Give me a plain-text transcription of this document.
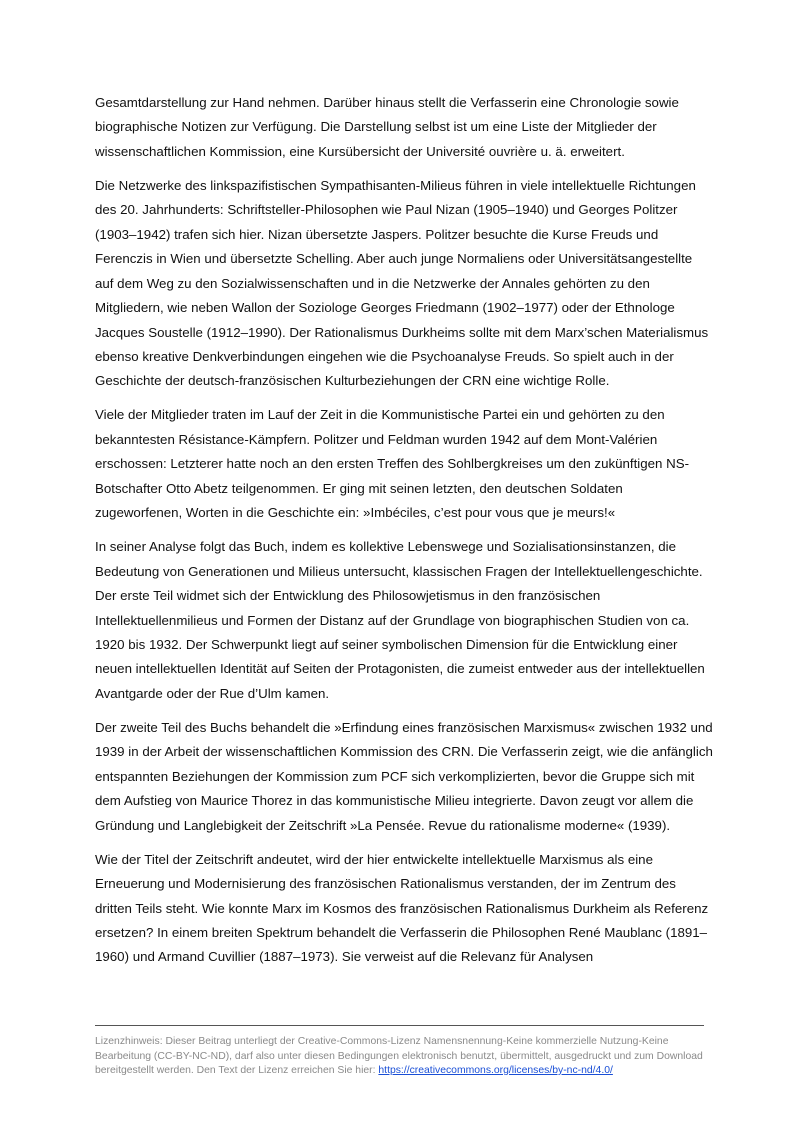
Gesamtdarstellung zur Hand nehmen. Darüber hinaus stellt die Verfasserin eine Chronologie sowie biographische Notizen zur Verfügung. Die Darstellung selbst ist um eine Liste der Mitglieder der wissenschaftlichen Kommission, eine Kursübersicht der Université ouvrière u. ä. erweitert.

Die Netzwerke des linkspazifistischen Sympathisanten-Milieus führen in viele intellektuelle Richtungen des 20. Jahrhunderts: Schriftsteller-Philosophen wie Paul Nizan (1905–1940) und Georges Politzer (1903–1942) trafen sich hier. Nizan übersetzte Jaspers. Politzer besuchte die Kurse Freuds und Ferenczis in Wien und übersetzte Schelling. Aber auch junge Normaliens oder Universitätsangestellte auf dem Weg zu den Sozialwissenschaften und in die Netzwerke der Annales gehörten zu den Mitgliedern, wie neben Wallon der Soziologe Georges Friedmann (1902–1977) oder der Ethnologe Jacques Soustelle (1912–1990). Der Rationalismus Durkheims sollte mit dem Marx’schen Materialismus ebenso kreative Denkverbindungen eingehen wie die Psychoanalyse Freuds. So spielt auch in der Geschichte der deutsch-französischen Kulturbeziehungen der CRN eine wichtige Rolle.

Viele der Mitglieder traten im Lauf der Zeit in die Kommunistische Partei ein und gehörten zu den bekanntesten Résistance-Kämpfern. Politzer und Feldman wurden 1942 auf dem Mont-Valérien erschossen: Letzterer hatte noch an den ersten Treffen des Sohlbergkreises um den zukünftigen NS-Botschafter Otto Abetz teilgenommen. Er ging mit seinen letzten, den deutschen Soldaten zugeworfenen, Worten in die Geschichte ein: »Imbéciles, c’est pour vous que je meurs!«

In seiner Analyse folgt das Buch, indem es kollektive Lebenswege und Sozialisationsinstanzen, die Bedeutung von Generationen und Milieus untersucht, klassischen Fragen der Intellektuellengeschichte. Der erste Teil widmet sich der Entwicklung des Philosowjetismus in den französischen Intellektuellenmilieus und Formen der Distanz auf der Grundlage von biographischen Studien von ca. 1920 bis 1932. Der Schwerpunkt liegt auf seiner symbolischen Dimension für die Entwicklung einer neuen intellektuellen Identität auf Seiten der Protagonisten, die zumeist entweder aus der intellektuellen Avantgarde oder der Rue d’Ulm kamen.

Der zweite Teil des Buchs behandelt die »Erfindung eines französischen Marxismus« zwischen 1932 und 1939 in der Arbeit der wissenschaftlichen Kommission des CRN. Die Verfasserin zeigt, wie die anfänglich entspannten Beziehungen der Kommission zum PCF sich verkomplizierten, bevor die Gruppe sich mit dem Aufstieg von Maurice Thorez in das kommunistische Milieu integrierte. Davon zeugt vor allem die Gründung und Langlebigkeit der Zeitschrift »La Pensée. Revue du rationalisme moderne« (1939).

Wie der Titel der Zeitschrift andeutet, wird der hier entwickelte intellektuelle Marxismus als eine Erneuerung und Modernisierung des französischen Rationalismus verstanden, der im Zentrum des dritten Teils steht. Wie konnte Marx im Kosmos des französischen Rationalismus Durkheim als Referenz ersetzen? In einem breiten Spektrum behandelt die Verfasserin die Philosophen René Maublanc (1891–1960) und Armand Cuvillier (1887–1973). Sie verweist auf die Relevanz für Analysen

Lizenzhinweis: Dieser Beitrag unterliegt der Creative-Commons-Lizenz Namensnennung-Keine kommerzielle Nutzung-Keine Bearbeitung (CC-BY-NC-ND), darf also unter diesen Bedingungen elektronisch benutzt, übermittelt, ausgedruckt und zum Download bereitgestellt werden. Den Text der Lizenz erreichen Sie hier: https://creativecommons.org/licenses/by-nc-nd/4.0/
